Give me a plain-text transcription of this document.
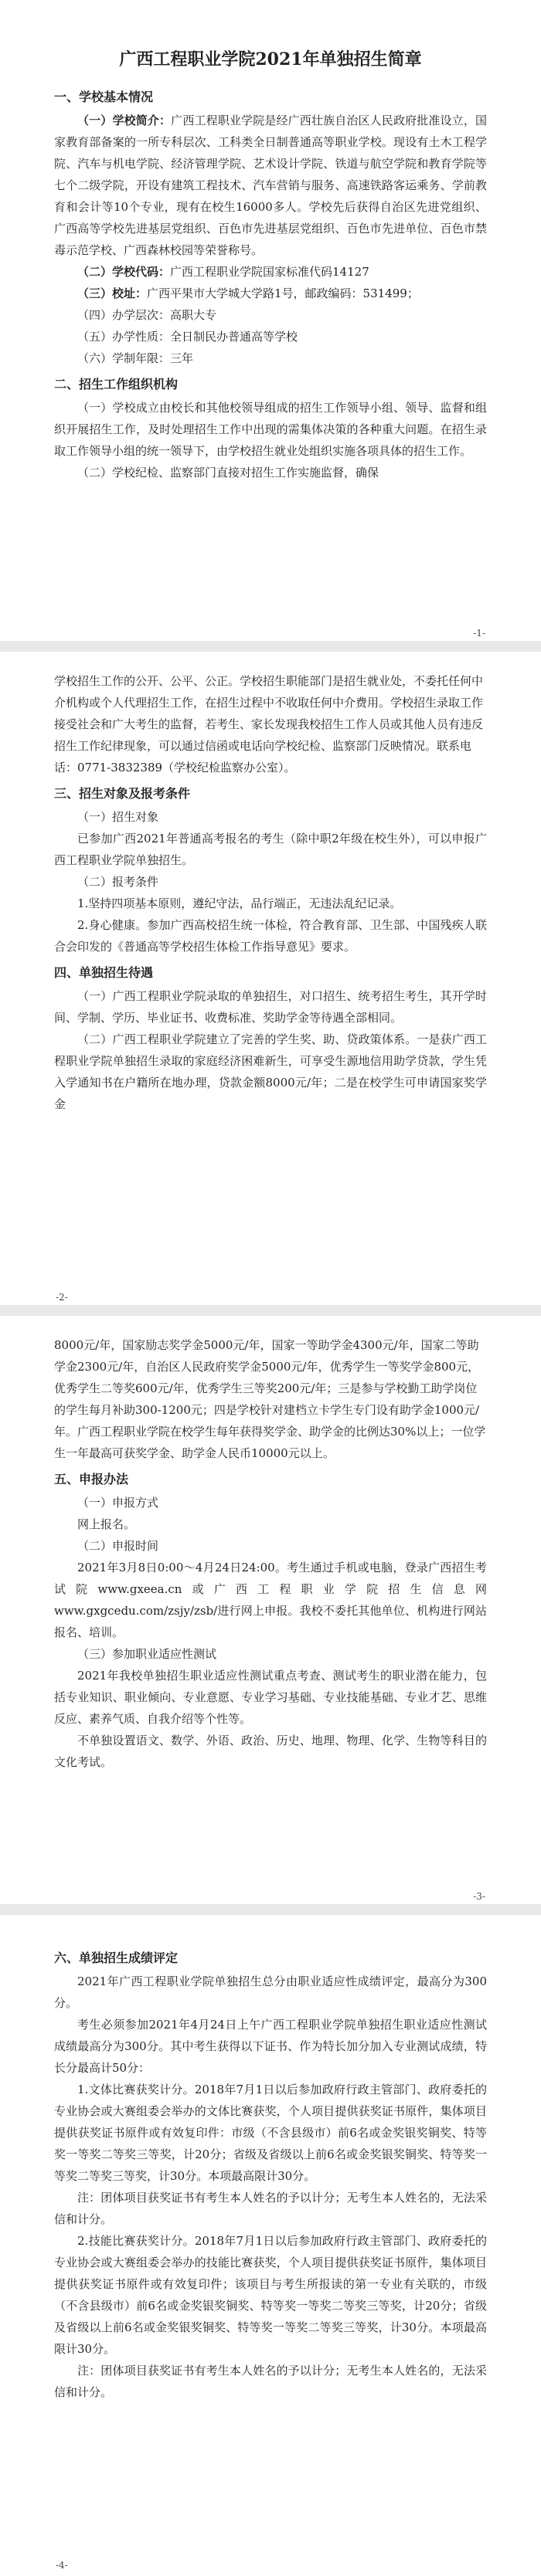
广西工程职业学院2021年单独招生简章
一、学校基本情况

（一）学校简介：广西工程职业学院是经广西壮族自治区人民政府批准设立，国家教育部备案的一所专科层次、工科类全日制普通高等职业学校。现设有土木工程学院、汽车与机电学院、经济管理学院、艺术设计学院、铁道与航空学院和教育学院等七个二级学院，开设有建筑工程技术、汽车营销与服务、高速铁路客运乘务、学前教育和会计等10个专业，现有在校生16000多人。学校先后获得自治区先进党组织、广西高等学校先进基层党组织、百色市先进基层党组织、百色市先进单位、百色市禁毒示范学校、广西森林校园等荣誉称号。

（二）学校代码：广西工程职业学院国家标准代码14127

（三）校址：广西平果市大学城大学路1号，邮政编码：531499；

（四）办学层次：高职大专

（五）办学性质：全日制民办普通高等学校

（六）学制年限：三年

二、招生工作组织机构

（一）学校成立由校长和其他校领导组成的招生工作领导小组、领导、监督和组织开展招生工作，及时处理招生工作中出现的需集体决策的各种重大问题。在招生录取工作领导小组的统一领导下，由学校招生就业处组织实施各项具体的招生工作。

（二）学校纪检、监察部门直接对招生工作实施监督，确保

-1-

学校招生工作的公开、公平、公正。学校招生职能部门是招生就业处，不委托任何中介机构或个人代理招生工作，在招生过程中不收取任何中介费用。学校招生录取工作接受社会和广大考生的监督，若考生、家长发现我校招生工作人员或其他人员有违反招生工作纪律现象，可以通过信函或电话向学校纪检、监察部门反映情况。联系电话：0771-3832389（学校纪检监察办公室）。

三、招生对象及报考条件

（一）招生对象

已参加广西2021年普通高考报名的考生（除中职2年级在校生外），可以申报广西工程职业学院单独招生。

（二）报考条件

1.坚持四项基本原则，遵纪守法，品行端正，无违法乱纪记录。

2.身心健康。参加广西高校招生统一体检，符合教育部、卫生部、中国残疾人联合会印发的《普通高等学校招生体检工作指导意见》要求。

四、单独招生待遇

（一）广西工程职业学院录取的单独招生，对口招生、统考招生考生，其开学时间、学制、学历、毕业证书、收费标准、奖助学金等待遇全部相同。

（二）广西工程职业学院建立了完善的学生奖、助、贷政策体系。一是获广西工程职业学院单独招生录取的家庭经济困难新生，可享受生源地信用助学贷款，学生凭入学通知书在户籍所在地办理，贷款金额8000元/年；二是在校学生可申请国家奖学金

-2-

8000元/年，国家励志奖学金5000元/年，国家一等助学金4300元/年，国家二等助学金2300元/年，自治区人民政府奖学金5000元/年，优秀学生一等奖学金800元，优秀学生二等奖600元/年，优秀学生三等奖200元/年；三是参与学校勤工助学岗位的学生每月补助300-1200元；四是学校针对建档立卡学生专门设有助学金1000元/年。广西工程职业学院在校学生每年获得奖学金、助学金的比例达30%以上；一位学生一年最高可获奖学金、助学金人民币10000元以上。

五、申报办法

（一）申报方式

网上报名。

（二）申报时间

2021年3月8日0:00～4月24日24:00。考生通过手机或电脑，登录广西招生考试院www.gxeea.cn或广西工程职业学院招生信息网www.gxgcedu.com/zsjy/zsb/进行网上申报。我校不委托其他单位、机构进行网站报名、培训。

（三）参加职业适应性测试

2021年我校单独招生职业适应性测试重点考查、测试考生的职业潜在能力，包括专业知识、职业倾向、专业意愿、专业学习基础、专业技能基础、专业才艺、思维反应、素养气质、自我介绍等个性等。

不单独设置语文、数学、外语、政治、历史、地理、物理、化学、生物等科目的文化考试。

-3-
六、单独招生成绩评定

2021年广西工程职业学院单独招生总分由职业适应性成绩评定，最高分为300分。

考生必须参加2021年4月24日上午广西工程职业学院单独招生职业适应性测试成绩最高分为300分。其中考生获得以下证书、作为特长加分加入专业测试成绩，特长分最高计50分：

1.文体比赛获奖计分。2018年7月1日以后参加政府行政主管部门、政府委托的专业协会或大赛组委会举办的文体比赛获奖，个人项目提供获奖证书原件，集体项目提供获奖证书原件或有效复印件：市级（不含县级市）前6名或金奖银奖铜奖、特等奖一等奖二等奖三等奖，计20分；省级及省级以上前6名或金奖银奖铜奖、特等奖一等奖二等奖三等奖，计30分。本项最高限计30分。

注：团体项目获奖证书有考生本人姓名的予以计分；无考生本人姓名的，无法采信和计分。

2.技能比赛获奖计分。2018年7月1日以后参加政府行政主管部门、政府委托的专业协会或大赛组委会举办的技能比赛获奖，个人项目提供获奖证书原件，集体项目提供获奖证书原件或有效复印件；该项目与考生所报读的第一专业有关联的，市级（不含县级市）前6名或金奖银奖铜奖、特等奖一等奖二等奖三等奖，计20分；省级及省级以上前6名或金奖银奖铜奖、特等奖一等奖二等奖三等奖，计30分。本项最高限计30分。

注：团体项目获奖证书有考生本人姓名的予以计分；无考生本人姓名的，无法采信和计分。

-4-
